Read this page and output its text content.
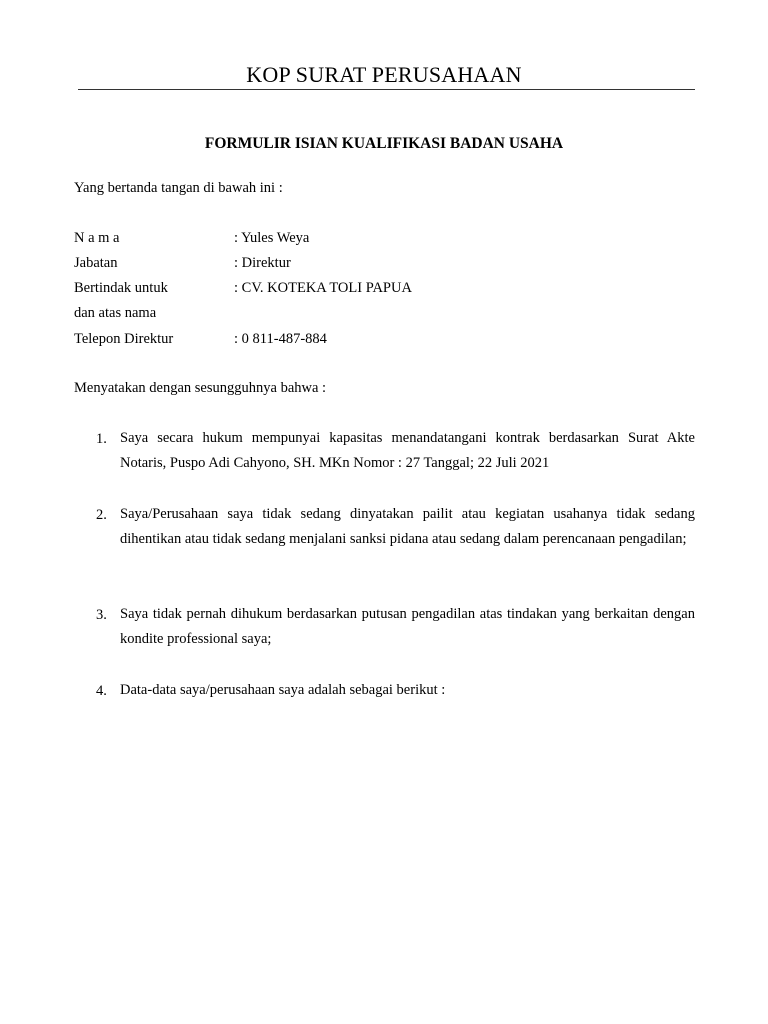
KOP SURAT PERUSAHAAN
FORMULIR ISIAN KUALIFIKASI BADAN USAHA
Yang bertanda tangan di bawah ini :
N a m a	: Yules Weya
Jabatan	: Direktur
Bertindak untuk	: CV. KOTEKA TOLI PAPUA
dan atas nama
Telepon Direktur	: 0 811-487-884
Menyatakan dengan sesungguhnya bahwa :
1. Saya secara hukum mempunyai kapasitas menandatangani kontrak berdasarkan Surat Akte Notaris, Puspo Adi Cahyono, SH. MKn Nomor : 27 Tanggal; 22 Juli 2021
2. Saya/Perusahaan saya tidak sedang dinyatakan pailit atau kegiatan usahanya tidak sedang dihentikan atau tidak sedang menjalani sanksi pidana atau sedang dalam perencanaan pengadilan;
3. Saya tidak pernah dihukum berdasarkan putusan pengadilan atas tindakan yang berkaitan dengan kondite professional saya;
4. Data-data saya/perusahaan saya adalah sebagai berikut :
